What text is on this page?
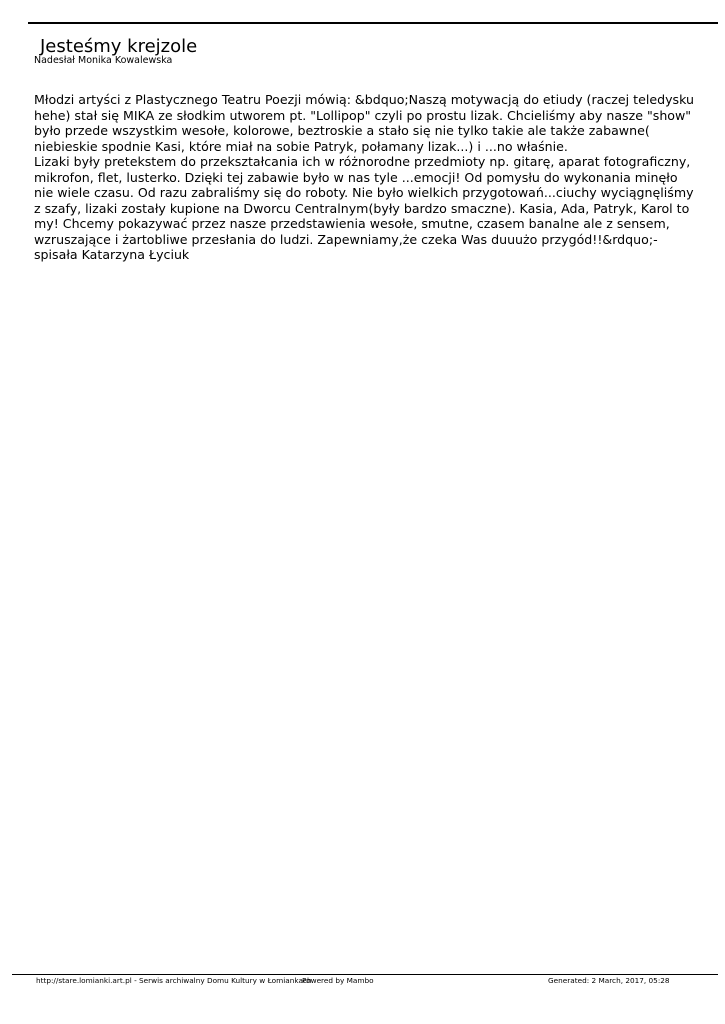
Jesteśmy krejzole
Nadesłał Monika Kowalewska

Młodzi artyści z Plastycznego Teatru Poezji mówią: &bdquo;Naszą motywacją do etiudy (raczej teledysku hehe) stał się MIKA ze słodkim utworem pt. "Lollipop" czyli po prostu lizak. Chcieliśmy aby nasze "show" było przede wszystkim wesołe, kolorowe, beztroskie a stało się nie tylko takie ale także zabawne( niebieskie spodnie Kasi, które miał na sobie Patryk, połamany lizak...) i ...no właśnie.

Lizaki były pretekstem do przekształcania ich w różnorodne przedmioty np. gitarę, aparat fotograficzny, mikrofon, flet, lusterko. Dzięki tej zabawie było w nas tyle ...emocji! Od pomysłu do wykonania minęło nie wiele czasu. Od razu zabraliśmy się do roboty. Nie było wielkich przygotowań...ciuchy wyciągnęliśmy z szafy, lizaki zostały kupione na Dworcu Centralnym(były bardzo smaczne). Kasia, Ada, Patryk, Karol to my! Chcemy pokazywać przez nasze przedstawienia wesołe, smutne, czasem banalne ale z sensem, wzruszające i żartobliwe przesłania do ludzi. Zapewniamy,że czeka Was duuużo przygód!!&rdquo;-spisała Katarzyna Łyciuk

http://stare.lomianki.art.pl - Serwis archiwalny Domu Kultury w Łomiankach
Powered by Mambo	Generated: 2 March, 2017, 05:28
